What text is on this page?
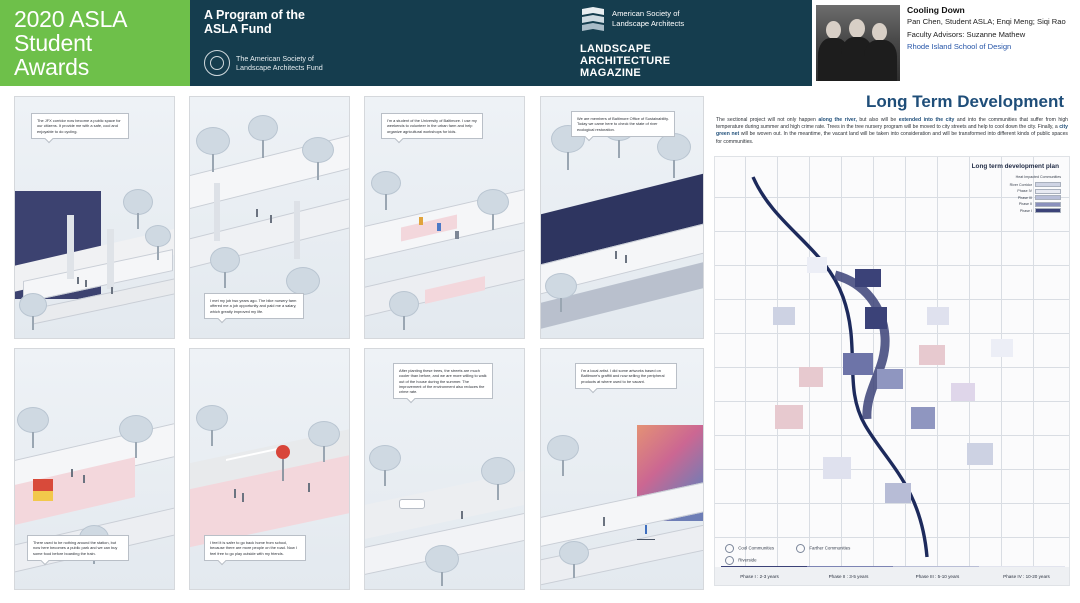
2020 ASLA
Student
Awards
A Program of the
ASLA Fund
The American Society of
Landscape Architects Fund
American Society of
Landscape Architects
LANDSCAPE
ARCHITECTURE
MAGAZINE
Cooling Down
Pan Chen, Student ASLA; Enqi Meng; Siqi Rao
Faculty Advisors: Suzanne Mathew
Rhode Island School of Design
The JFX corridor now become a public space for our citizens. It provide me with a safe, cool and enjoyable to do cycling.
I met my job two years ago. The bike nursery farm offered me a job opportunity and paid me a salary, which greatly improved my life.
I'm a student of the University of Baltimore. I use my weekends to volunteer in the urban farm and help organize agricultural workshops for kids.
We are members of Baltimore Office of Sustainability. Today we came here to check the state of river ecological restoration.
There used to be nothing around the station, but now here becomes a public park and we can buy some food before boarding the train.
I feel it is safer to go back home from school, because there are more people on the road. Now I feel free to go play outside with my friends.
After planting these trees, the streets are much cooler than before, and we are more willing to walk out of the house during the summer. The improvement of the environment also reduces the crime rate.
I'm a local artist. I did some artworks based on Baltimore's graffiti and now selling the peripheral products at where used to be vacant.
Long Term Development
The sectional project will not only happen along the river, but also will be extended into the city and into the communities that suffer from high temperature during summer and high crime rate. Trees in the tree nursery program will be moved to city streets and help to cool down the city. Finally, a city green net will be woven out. In the meantime, the vacant land will be taken into consideration and will be transformed into different kinds of public spaces for communities.
Long term development plan
Heat Impacted Communities
River Corridor
Phase IV
Phase III
Phase II
Phase I
Cool Communities	Farther Communities
Riverside
Phase I : 2-3 years	Phase II : 3-5 years	Phase III : 5-10 years	Phase IV : 10-20 years
